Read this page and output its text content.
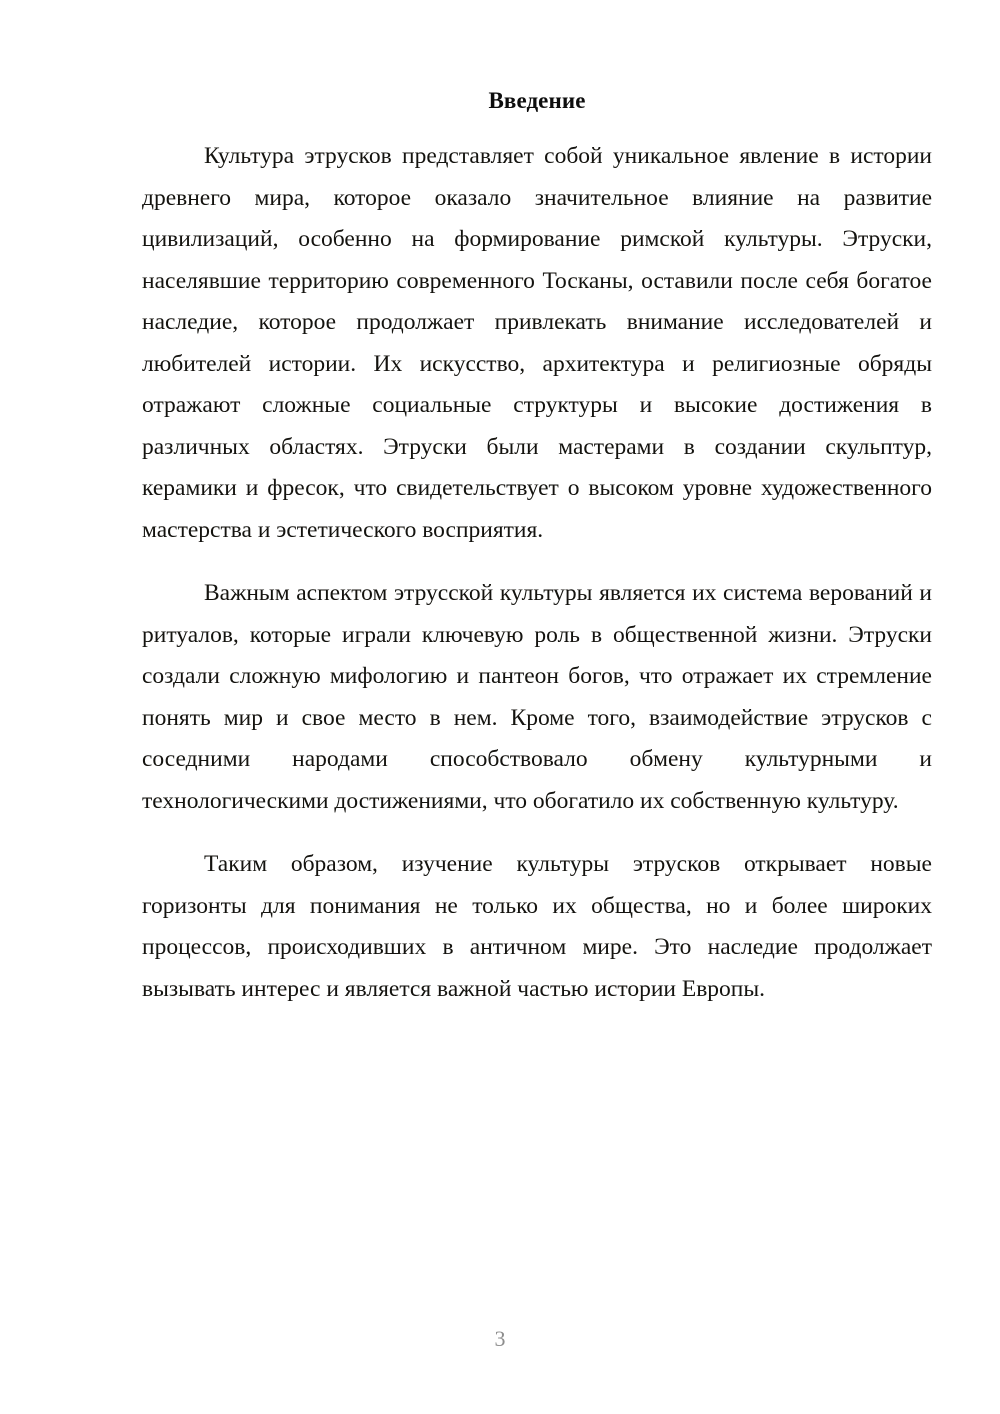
Введение

Культура этрусков представляет собой уникальное явление в истории древнего мира, которое оказало значительное влияние на развитие цивилизаций, особенно на формирование римской культуры. Этруски, населявшие территорию современного Тосканы, оставили после себя богатое наследие, которое продолжает привлекать внимание исследователей и любителей истории. Их искусство, архитектура и религиозные обряды отражают сложные социальные структуры и высокие достижения в различных областях. Этруски были мастерами в создании скульптур, керамики и фресок, что свидетельствует о высоком уровне художественного мастерства и эстетического восприятия.

Важным аспектом этрусской культуры является их система верований и ритуалов, которые играли ключевую роль в общественной жизни. Этруски создали сложную мифологию и пантеон богов, что отражает их стремление понять мир и свое место в нем. Кроме того, взаимодействие этрусков с соседними народами способствовало обмену культурными и технологическими достижениями, что обогатило их собственную культуру.

Таким образом, изучение культуры этрусков открывает новые горизонты для понимания не только их общества, но и более широких процессов, происходивших в античном мире. Это наследие продолжает вызывать интерес и является важной частью истории Европы.

3
